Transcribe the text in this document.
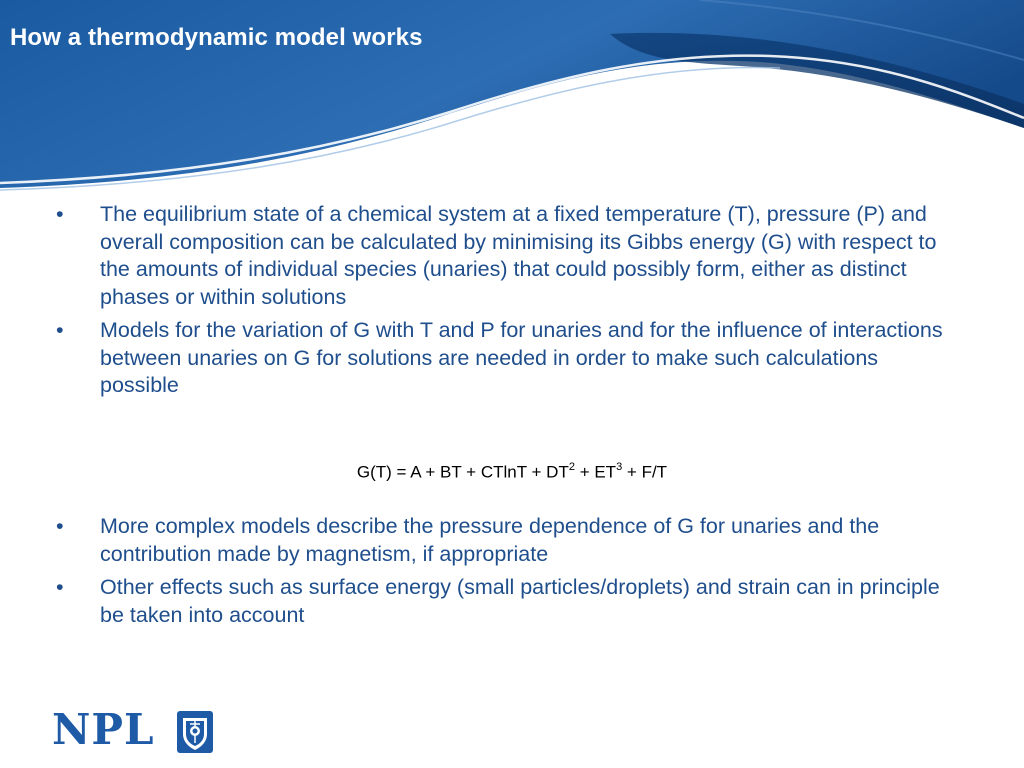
How a thermodynamic model works
•	The equilibrium state of a chemical system at a fixed temperature (T), pressure (P) and overall composition can be calculated by minimising its Gibbs energy (G) with respect to the amounts of individual species (unaries) that could possibly form, either as distinct phases or within solutions
•	Models for the variation of G with T and P for unaries and for the influence of interactions between unaries on G for solutions are needed in order to make such calculations possible
G(T) = A + BT + $CTlnT + DT^2 + ET^3 + F/T$
•	More complex models describe the pressure dependence of G for unaries and the contribution made by magnetism, if appropriate
•	Other effects such as surface energy (small particles/droplets) and strain can in principle be taken into account
NPL
